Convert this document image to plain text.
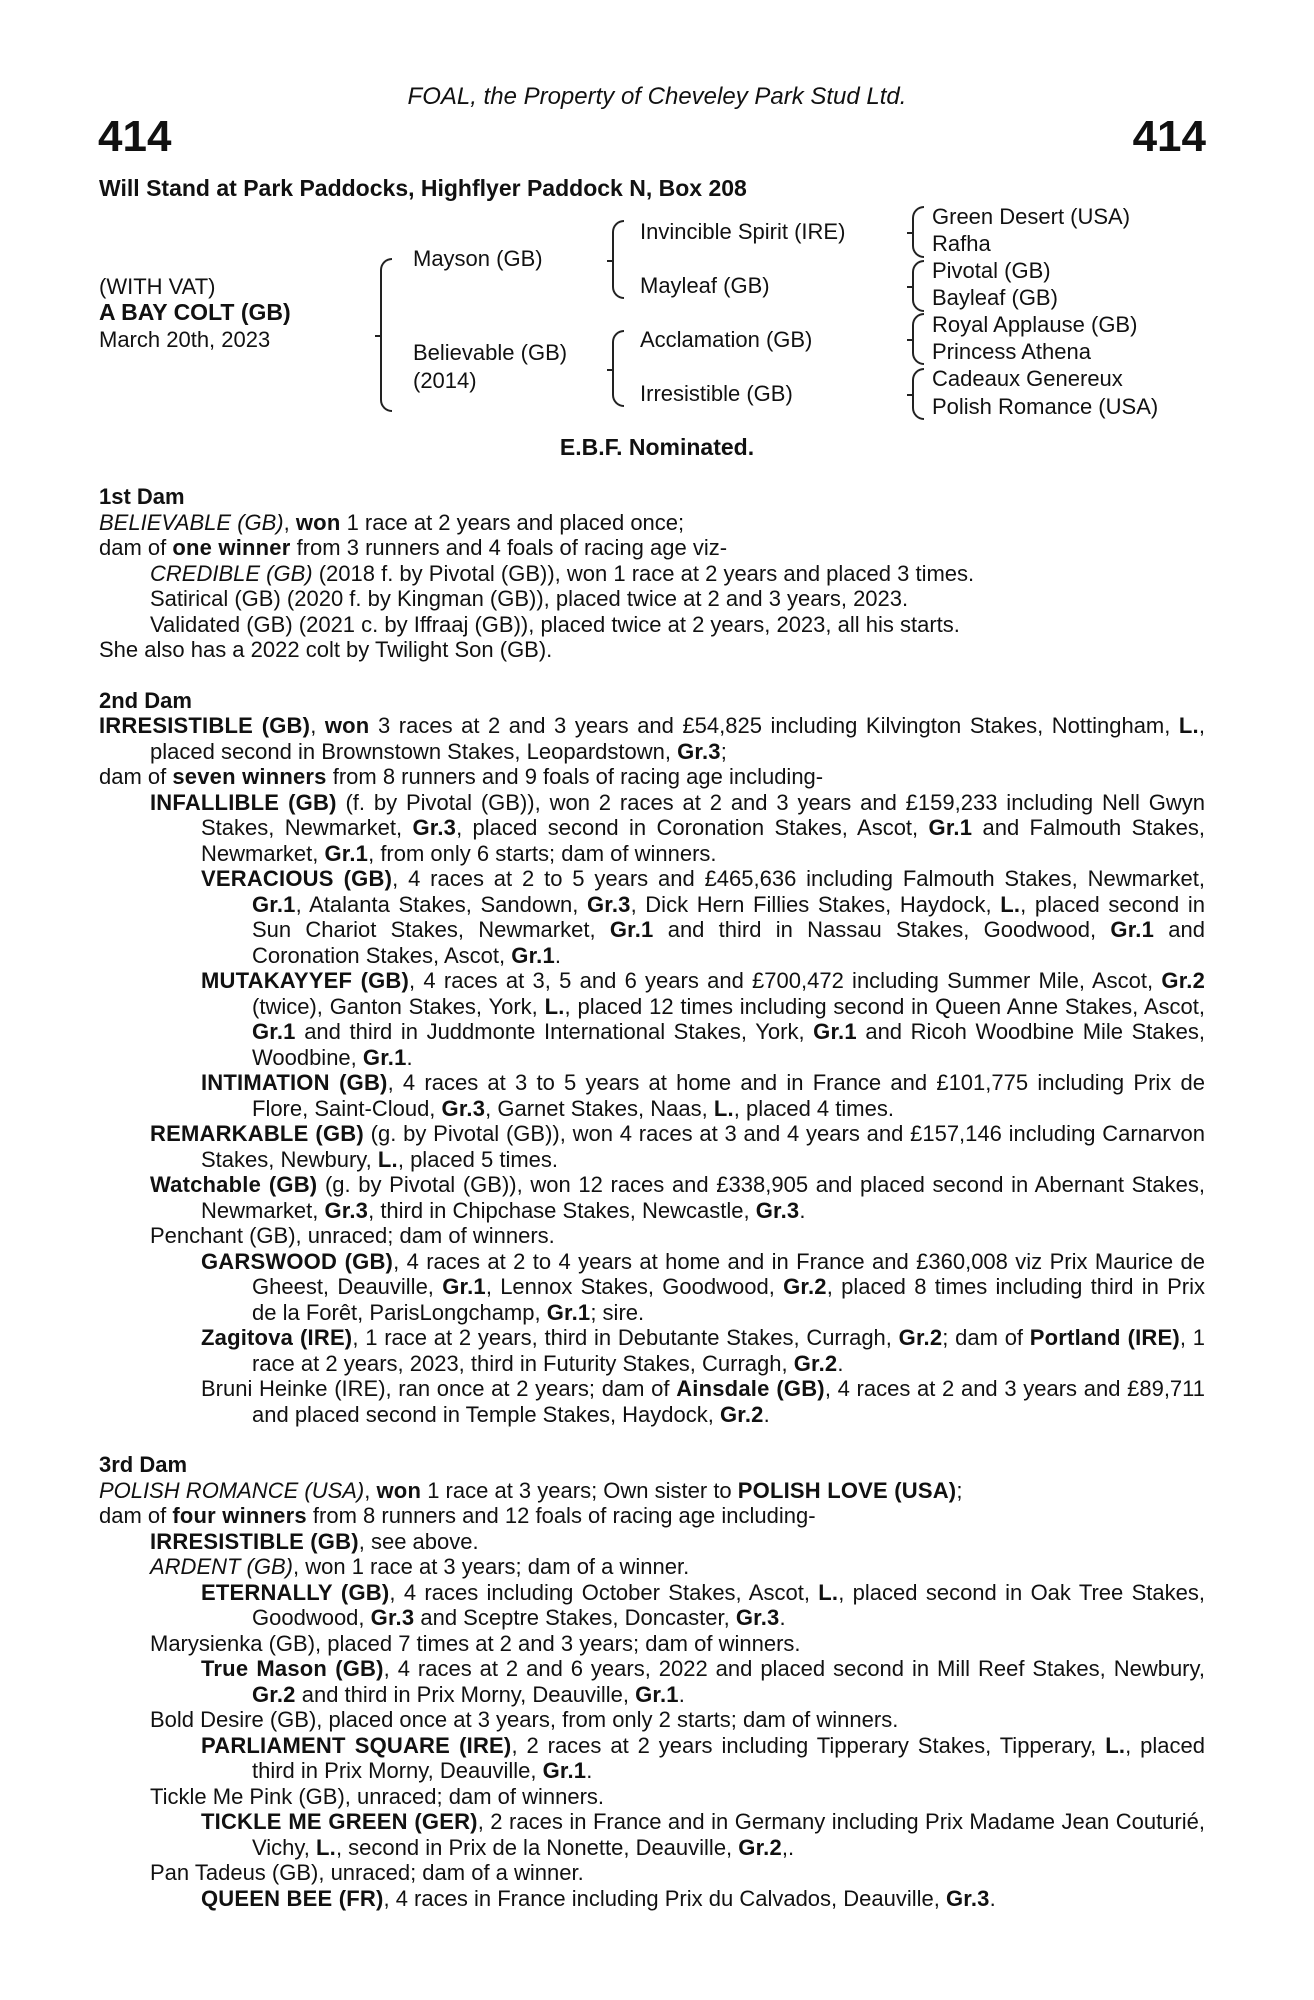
FOAL, the Property of Cheveley Park Stud Ltd.
414	414
Will Stand at Park Paddocks, Highflyer Paddock N, Box 208
(WITH VAT)
A BAY COLT (GB)
March 20th, 2023
Mayson (GB)
Believable (GB)
(2014)
Invincible Spirit (IRE)
Mayleaf (GB)
Acclamation (GB)
Irresistible (GB)
Green Desert (USA)
Rafha
Pivotal (GB)
Bayleaf (GB)
Royal Applause (GB)
Princess Athena
Cadeaux Genereux
Polish Romance (USA)
E.B.F. Nominated.
1st Dam
BELIEVABLE (GB), won 1 race at 2 years and placed once;
dam of one winner from 3 runners and 4 foals of racing age viz-
CREDIBLE (GB) (2018 f. by Pivotal (GB)), won 1 race at 2 years and placed 3 times.
Satirical (GB) (2020 f. by Kingman (GB)), placed twice at 2 and 3 years, 2023.
Validated (GB) (2021 c. by Iffraaj (GB)), placed twice at 2 years, 2023, all his starts.
She also has a 2022 colt by Twilight Son (GB).
2nd Dam
IRRESISTIBLE (GB), won 3 races at 2 and 3 years and £54,825 including Kilvington Stakes, Nottingham, L., placed second in Brownstown Stakes, Leopardstown, Gr.3;
dam of seven winners from 8 runners and 9 foals of racing age including-
INFALLIBLE (GB) (f. by Pivotal (GB)), won 2 races at 2 and 3 years and £159,233 including Nell Gwyn Stakes, Newmarket, Gr.3, placed second in Coronation Stakes, Ascot, Gr.1 and Falmouth Stakes, Newmarket, Gr.1, from only 6 starts; dam of winners.
VERACIOUS (GB), 4 races at 2 to 5 years and £465,636 including Falmouth Stakes, Newmarket, Gr.1, Atalanta Stakes, Sandown, Gr.3, Dick Hern Fillies Stakes, Haydock, L., placed second in Sun Chariot Stakes, Newmarket, Gr.1 and third in Nassau Stakes, Goodwood, Gr.1 and Coronation Stakes, Ascot, Gr.1.
MUTAKAYYEF (GB), 4 races at 3, 5 and 6 years and £700,472 including Summer Mile, Ascot, Gr.2 (twice), Ganton Stakes, York, L., placed 12 times including second in Queen Anne Stakes, Ascot, Gr.1 and third in Juddmonte International Stakes, York, Gr.1 and Ricoh Woodbine Mile Stakes, Woodbine, Gr.1.
INTIMATION (GB), 4 races at 3 to 5 years at home and in France and £101,775 including Prix de Flore, Saint-Cloud, Gr.3, Garnet Stakes, Naas, L., placed 4 times.
REMARKABLE (GB) (g. by Pivotal (GB)), won 4 races at 3 and 4 years and £157,146 including Carnarvon Stakes, Newbury, L., placed 5 times.
Watchable (GB) (g. by Pivotal (GB)), won 12 races and £338,905 and placed second in Abernant Stakes, Newmarket, Gr.3, third in Chipchase Stakes, Newcastle, Gr.3.
Penchant (GB), unraced; dam of winners.
GARSWOOD (GB), 4 races at 2 to 4 years at home and in France and £360,008 viz Prix Maurice de Gheest, Deauville, Gr.1, Lennox Stakes, Goodwood, Gr.2, placed 8 times including third in Prix de la Forêt, ParisLongchamp, Gr.1; sire.
Zagitova (IRE), 1 race at 2 years, third in Debutante Stakes, Curragh, Gr.2; dam of Portland (IRE), 1 race at 2 years, 2023, third in Futurity Stakes, Curragh, Gr.2.
Bruni Heinke (IRE), ran once at 2 years; dam of Ainsdale (GB), 4 races at 2 and 3 years and £89,711 and placed second in Temple Stakes, Haydock, Gr.2.
3rd Dam
POLISH ROMANCE (USA), won 1 race at 3 years; Own sister to POLISH LOVE (USA);
dam of four winners from 8 runners and 12 foals of racing age including-
IRRESISTIBLE (GB), see above.
ARDENT (GB), won 1 race at 3 years; dam of a winner.
ETERNALLY (GB), 4 races including October Stakes, Ascot, L., placed second in Oak Tree Stakes, Goodwood, Gr.3 and Sceptre Stakes, Doncaster, Gr.3.
Marysienka (GB), placed 7 times at 2 and 3 years; dam of winners.
True Mason (GB), 4 races at 2 and 6 years, 2022 and placed second in Mill Reef Stakes, Newbury, Gr.2 and third in Prix Morny, Deauville, Gr.1.
Bold Desire (GB), placed once at 3 years, from only 2 starts; dam of winners.
PARLIAMENT SQUARE (IRE), 2 races at 2 years including Tipperary Stakes, Tipperary, L., placed third in Prix Morny, Deauville, Gr.1.
Tickle Me Pink (GB), unraced; dam of winners.
TICKLE ME GREEN (GER), 2 races in France and in Germany including Prix Madame Jean Couturié, Vichy, L., second in Prix de la Nonette, Deauville, Gr.2,.
Pan Tadeus (GB), unraced; dam of a winner.
QUEEN BEE (FR), 4 races in France including Prix du Calvados, Deauville, Gr.3.
